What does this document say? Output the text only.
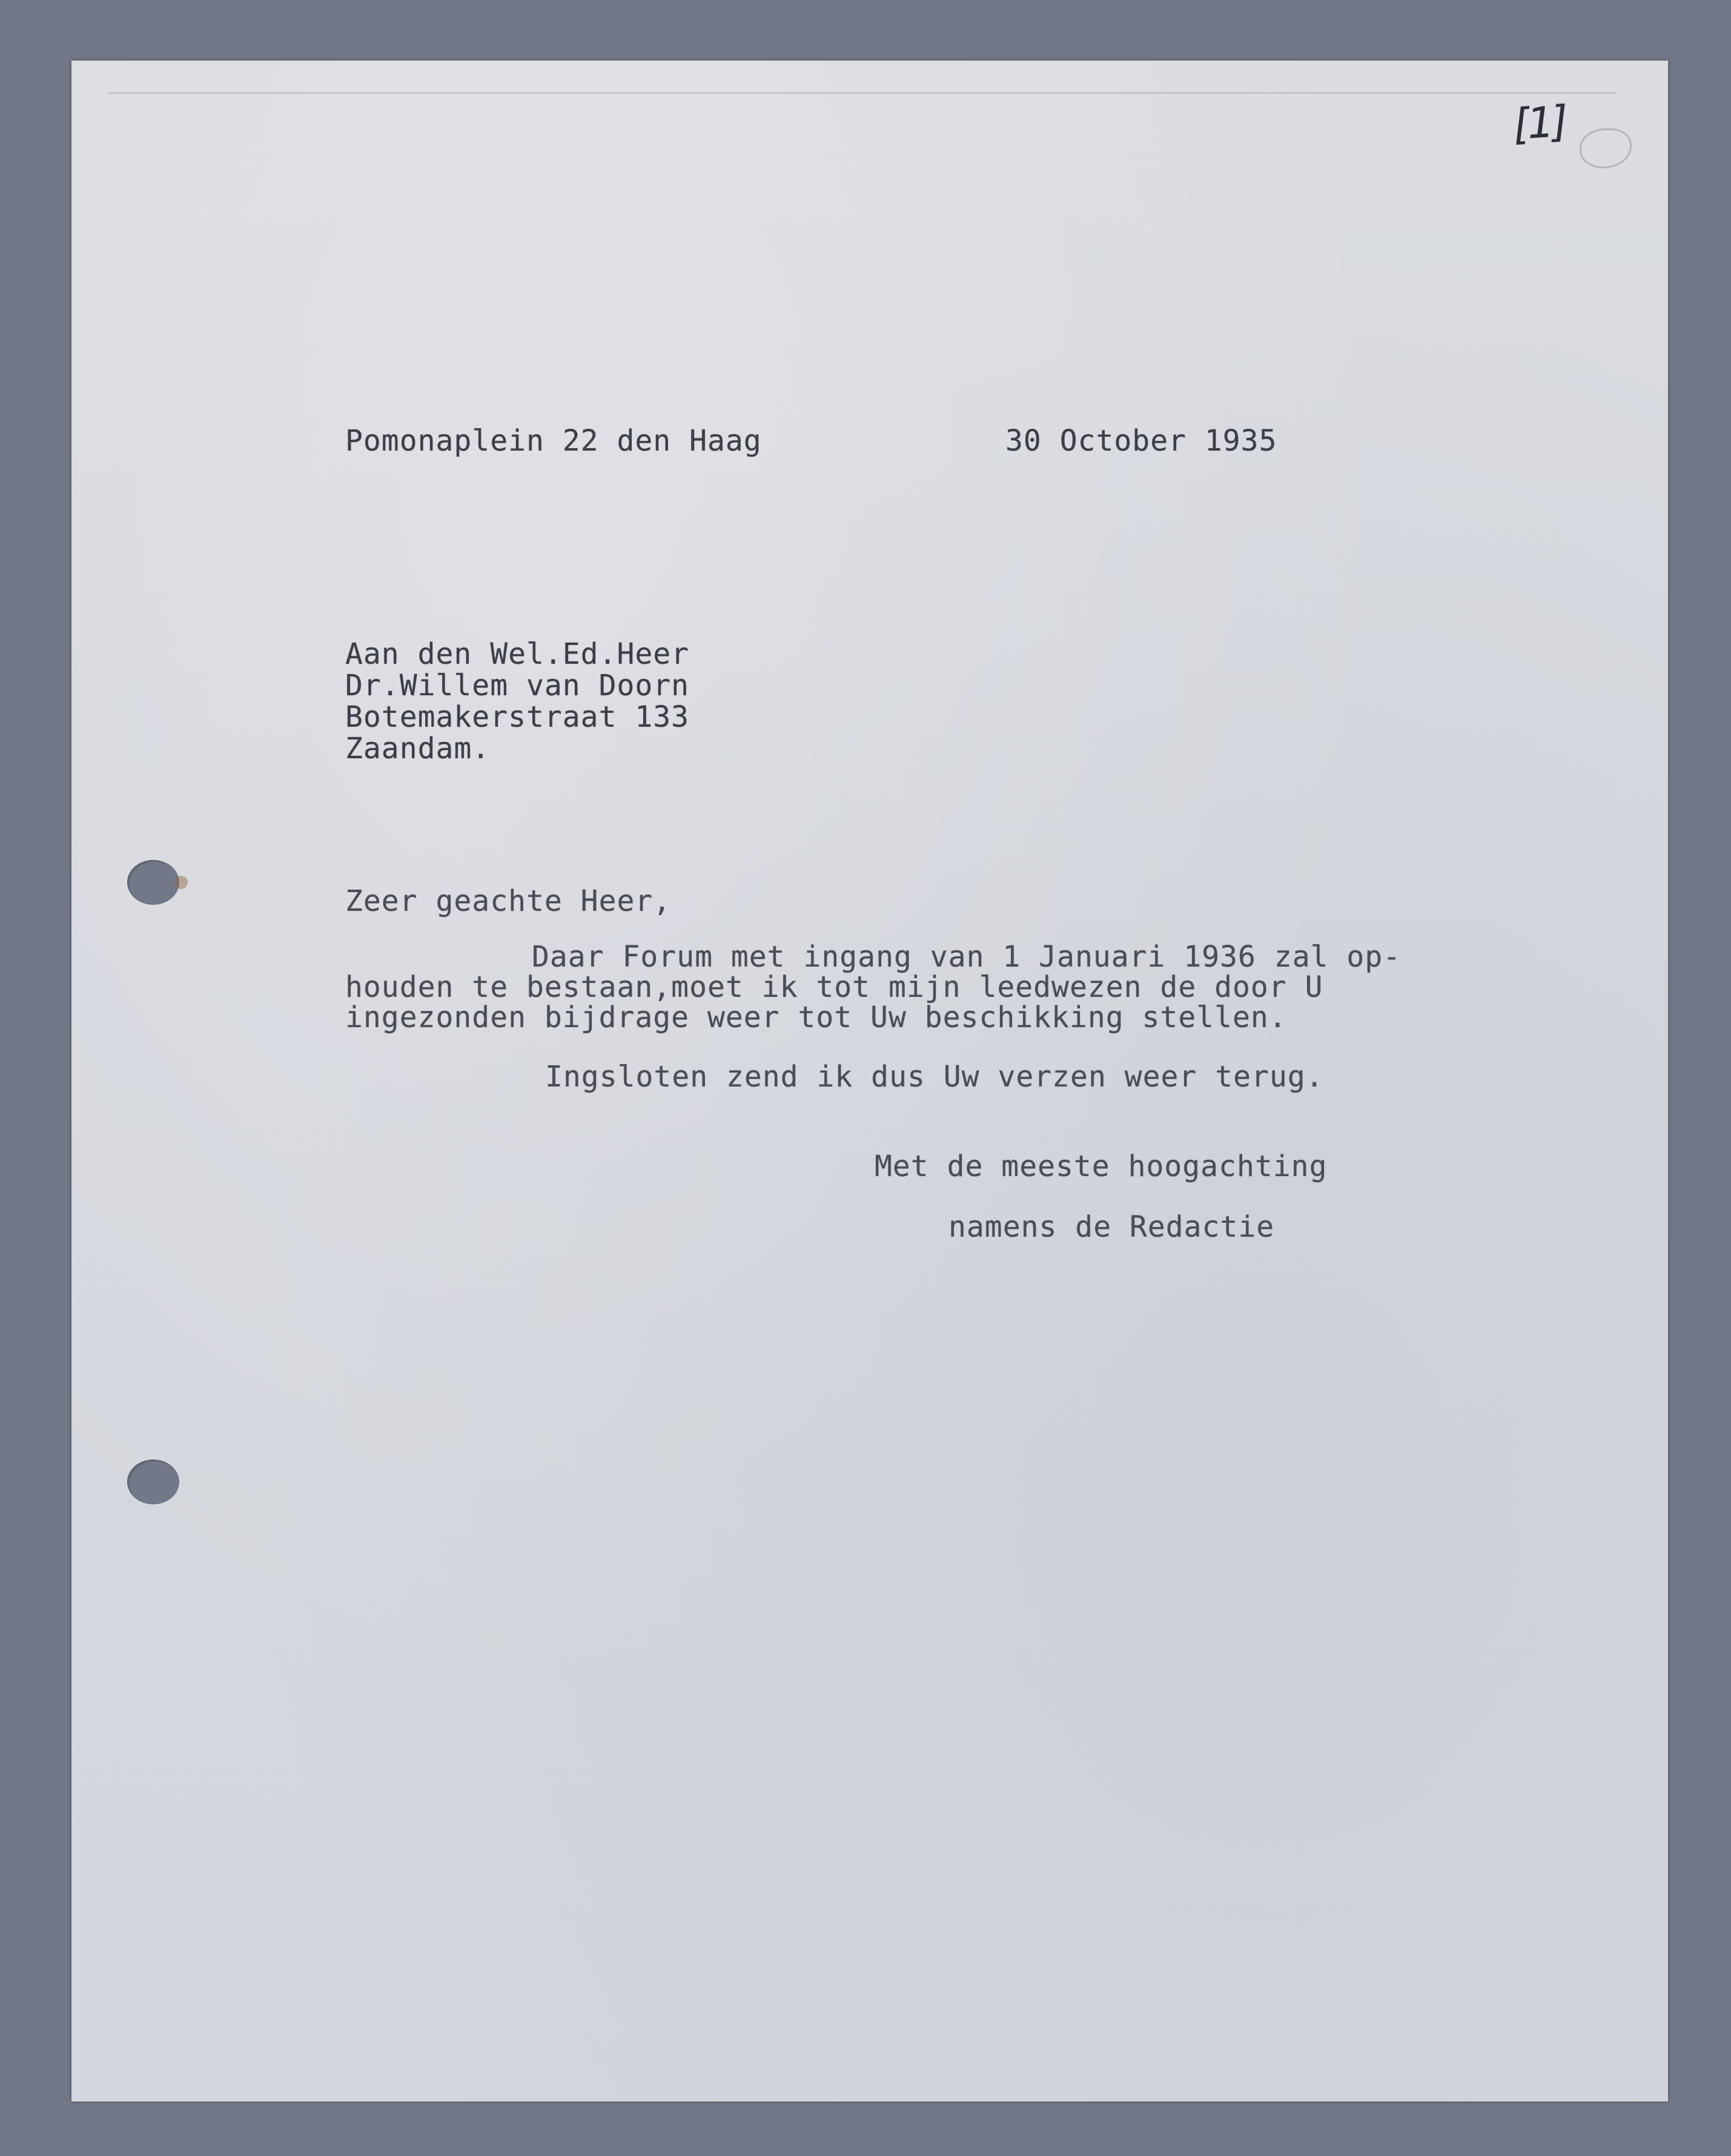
[1]
Pomonaplein 22 den Haag	30 October 1935
Aan den Wel.Ed.Heer
Dr.Willem van Doorn
Botemakerstraat 133
Zaandam.
Zeer geachte Heer,
Daar Forum met ingang van 1 Januari 1936 zal op-
houden te bestaan,moet ik tot mijn leedwezen de door U
ingezonden bijdrage weer tot Uw beschikking stellen.
Ingsloten zend ik dus Uw verzen weer terug.
Met de meeste hoogachting
namens de Redactie
